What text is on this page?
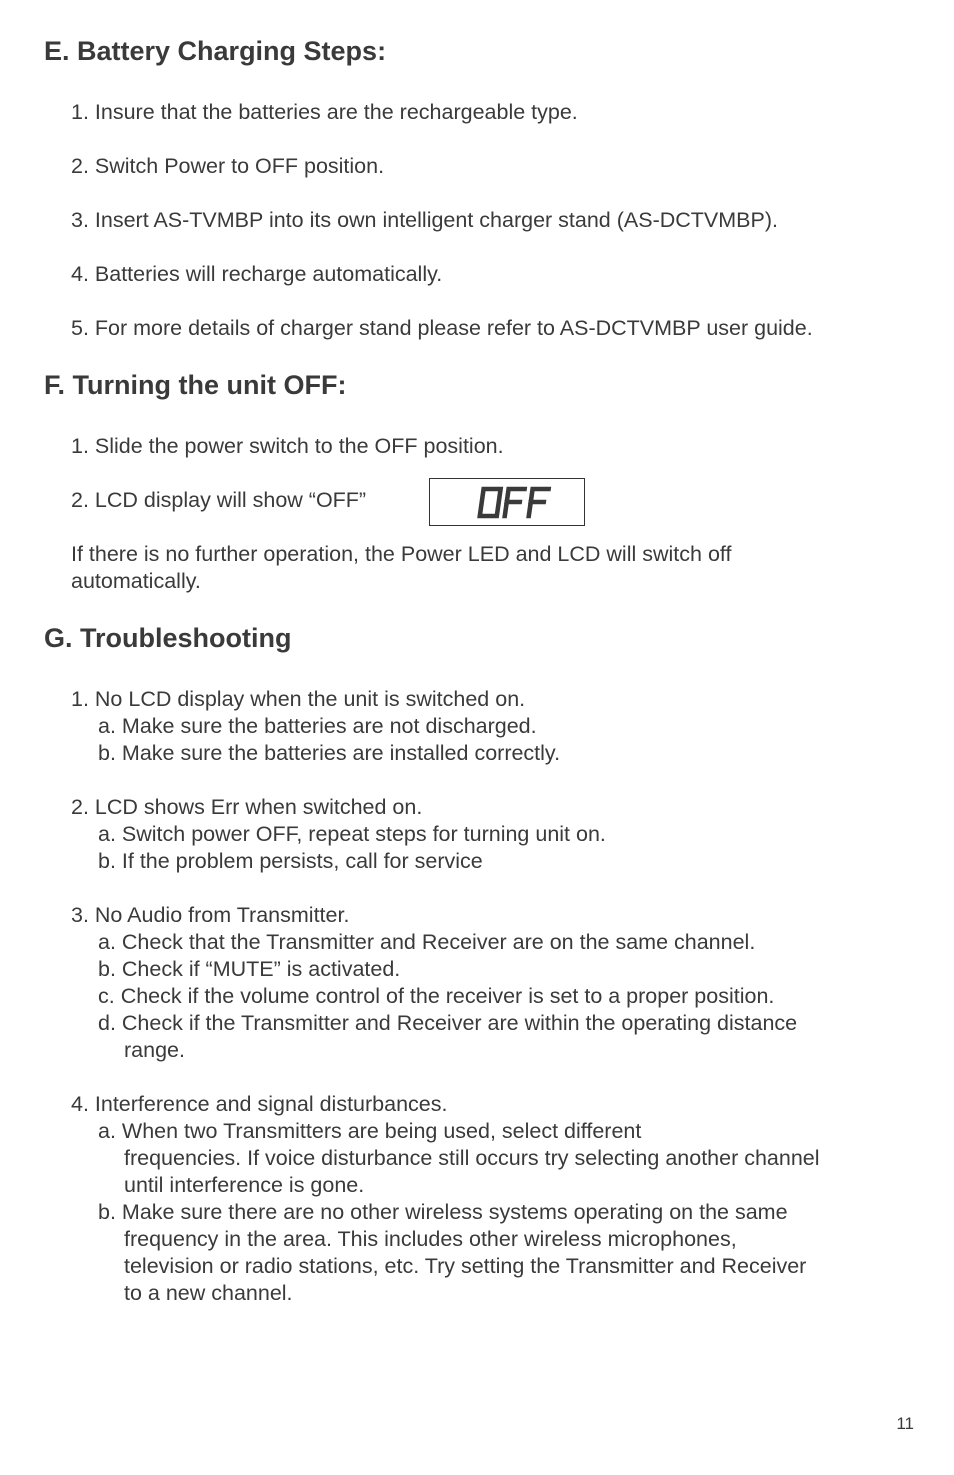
E. Battery Charging Steps:
1. Insure that the batteries are the rechargeable type.
2. Switch Power to OFF position.
3. Insert AS-TVMBP into its own intelligent charger stand (AS-DCTVMBP).
4. Batteries will recharge automatically.
5. For more details of charger stand please refer to AS-DCTVMBP user guide.
F. Turning the unit OFF:
1. Slide the power switch to the OFF position.
2. LCD display will show “OFF”
If there is no further operation, the Power LED and LCD will switch off
automatically.
G. Troubleshooting
1. No LCD display when the unit is switched on.
a. Make sure the batteries are not discharged.
b. Make sure the batteries are installed correctly.
2. LCD shows Err when switched on.
a. Switch power OFF, repeat steps for turning unit on.
b. If the problem persists, call for service
3. No Audio from Transmitter.
a. Check that the Transmitter and Receiver are on the same channel.
b. Check if “MUTE” is activated.
c. Check if the volume control of the receiver is set to a proper position.
d. Check if the Transmitter and Receiver are within the operating distance
range.
4. Interference and signal disturbances.
a. When two Transmitters are being used, select different
frequencies. If voice disturbance still occurs try selecting another channel
until interference is gone.
b. Make sure there are no other wireless systems operating on the same
frequency in the area. This includes other wireless microphones,
television or radio stations, etc. Try setting the Transmitter and Receiver
to a new channel.
11
